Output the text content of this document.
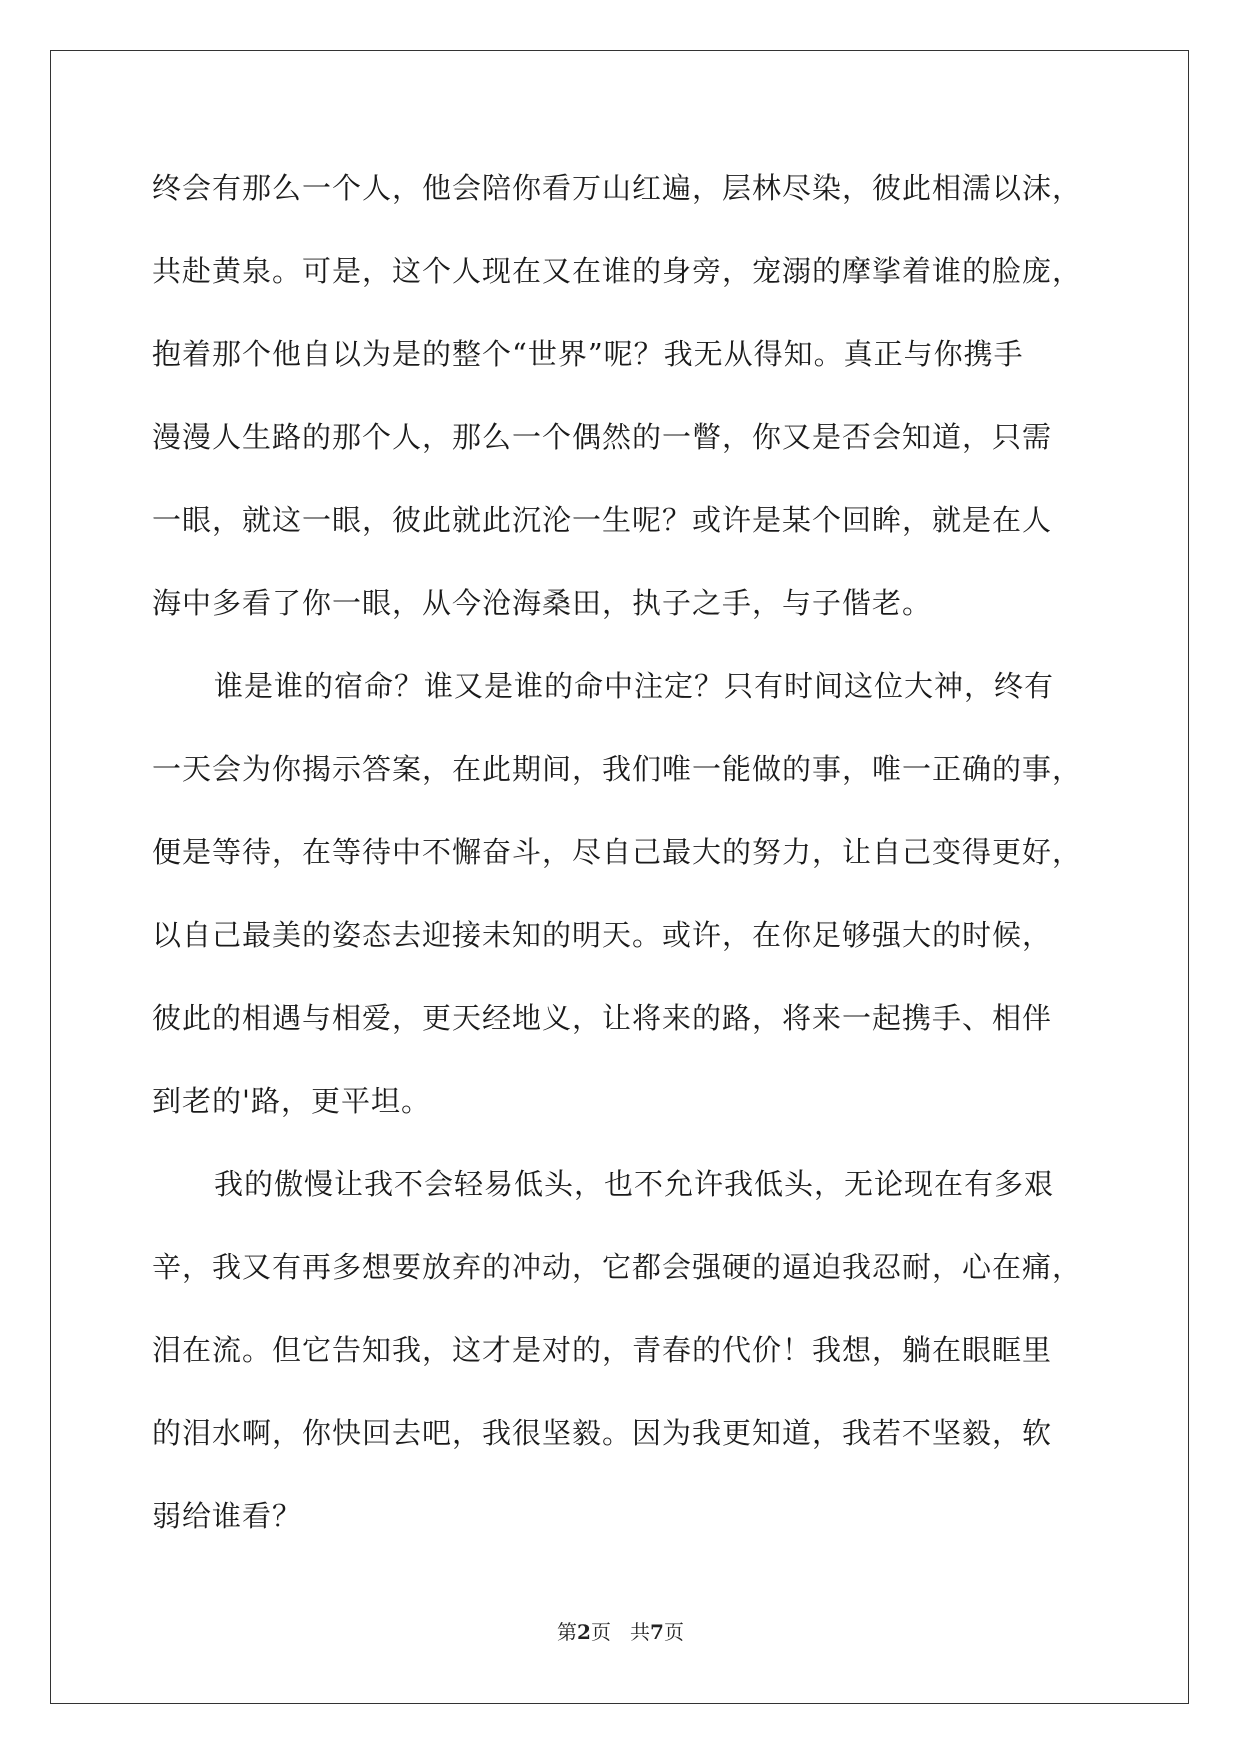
终会有那么一个人，他会陪你看万山红遍，层林尽染，彼此相濡以沫，
共赴黄泉。可是，这个人现在又在谁的身旁，宠溺的摩挲着谁的脸庞，
抱着那个他自以为是的整个“世界”呢？我无从得知。真正与你携手
漫漫人生路的那个人，那么一个偶然的一瞥，你又是否会知道，只需
一眼，就这一眼，彼此就此沉沦一生呢？或许是某个回眸，就是在人
海中多看了你一眼，从今沧海桑田，执子之手，与子偕老。
谁是谁的宿命？谁又是谁的命中注定？只有时间这位大神，终有
一天会为你揭示答案，在此期间，我们唯一能做的事，唯一正确的事，
便是等待，在等待中不懈奋斗，尽自己最大的努力，让自己变得更好，
以自己最美的姿态去迎接未知的明天。或许，在你足够强大的时候，
彼此的相遇与相爱，更天经地义，让将来的路，将来一起携手、相伴
到老的'路，更平坦。
我的傲慢让我不会轻易低头，也不允许我低头，无论现在有多艰
辛，我又有再多想要放弃的冲动，它都会强硬的逼迫我忍耐，心在痛，
泪在流。但它告知我，这才是对的，青春的代价！我想，躺在眼眶里
的泪水啊，你快回去吧，我很坚毅。因为我更知道，我若不坚毅，软
弱给谁看？
第2页 共7页
